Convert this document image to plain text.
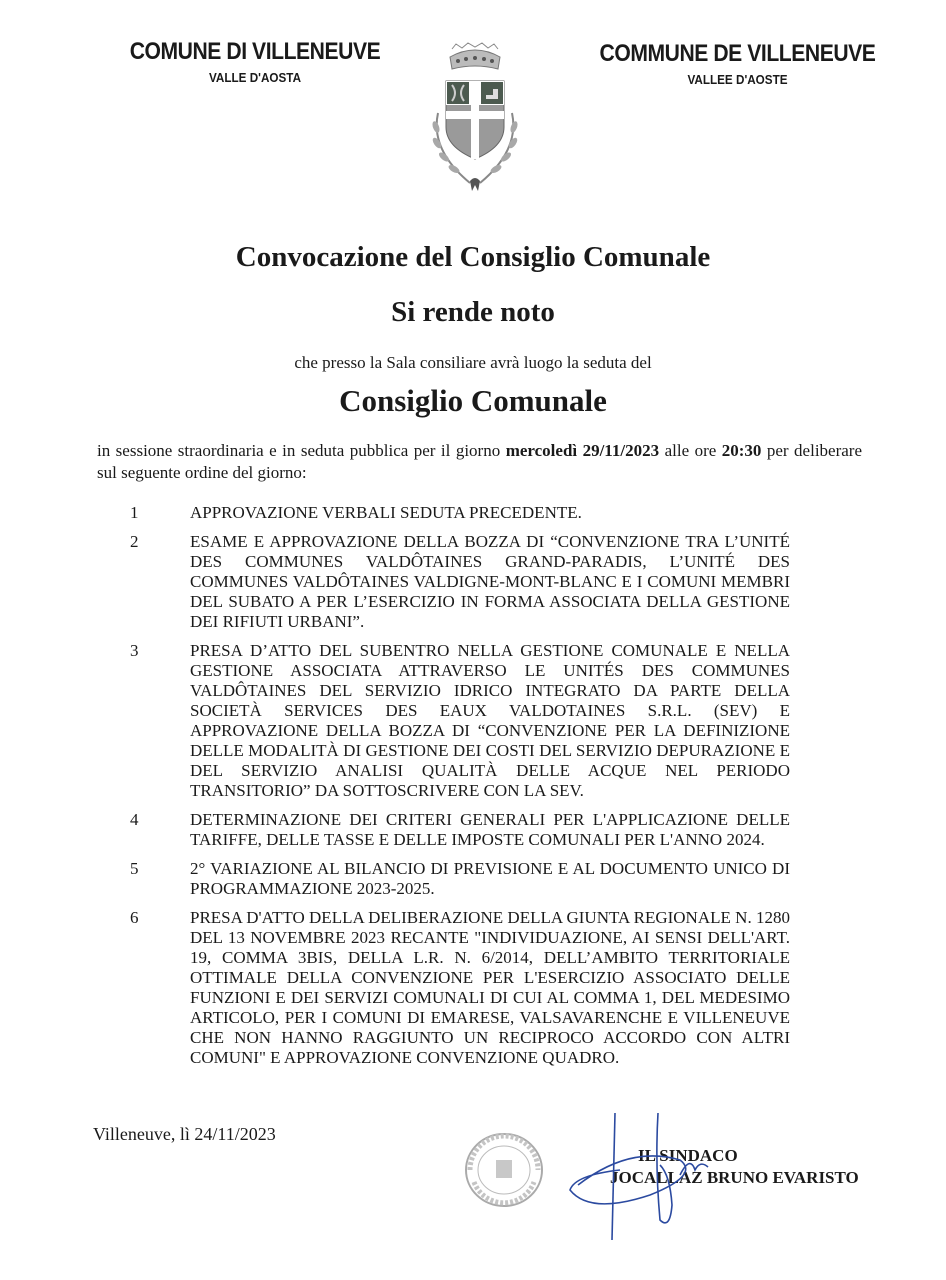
COMUNE DI VILLENEUVE
VALLE D'AOSTA
COMMUNE DE VILLENEUVE
VALLEE D'AOSTE
Convocazione del Consiglio Comunale
Si rende noto
che presso la Sala consiliare avrà luogo la seduta del
Consiglio Comunale
in sessione straordinaria e in seduta pubblica per il giorno mercoledì 29/11/2023 alle ore 20:30 per deliberare sul seguente ordine del giorno:
1	APPROVAZIONE VERBALI SEDUTA PRECEDENTE.
2	ESAME E APPROVAZIONE DELLA BOZZA DI “CONVENZIONE TRA L’UNITÉ DES COMMUNES VALDÔTAINES GRAND-PARADIS, L’UNITÉ DES COMMUNES VALDÔTAINES VALDIGNE-MONT-BLANC E I COMUNI MEMBRI DEL SUBATO A PER L’ESERCIZIO IN FORMA ASSOCIATA DELLA GESTIONE DEI RIFIUTI URBANI”.
3	PRESA D’ATTO DEL SUBENTRO NELLA GESTIONE COMUNALE E NELLA GESTIONE ASSOCIATA ATTRAVERSO LE UNITÉS DES COMMUNES VALDÔTAINES DEL SERVIZIO IDRICO INTEGRATO DA PARTE DELLA SOCIETÀ SERVICES DES EAUX VALDOTAINES S.R.L. (SEV) E APPROVAZIONE DELLA BOZZA DI “CONVENZIONE PER LA DEFINIZIONE DELLE MODALITÀ DI GESTIONE DEI COSTI DEL SERVIZIO DEPURAZIONE E DEL SERVIZIO ANALISI QUALITÀ DELLE ACQUE NEL PERIODO TRANSITORIO” DA SOTTOSCRIVERE CON LA SEV.
4	DETERMINAZIONE DEI CRITERI GENERALI PER L'APPLICAZIONE DELLE TARIFFE, DELLE TASSE E DELLE IMPOSTE COMUNALI PER L'ANNO 2024.
5	2° VARIAZIONE AL BILANCIO DI PREVISIONE E AL DOCUMENTO UNICO DI PROGRAMMAZIONE 2023-2025.
6	PRESA D'ATTO DELLA DELIBERAZIONE DELLA GIUNTA REGIONALE N. 1280 DEL 13 NOVEMBRE 2023 RECANTE "INDIVIDUAZIONE, AI SENSI DELL'ART. 19, COMMA 3BIS, DELLA L.R. N. 6/2014, DELL’AMBITO TERRITORIALE OTTIMALE DELLA CONVENZIONE PER L'ESERCIZIO ASSOCIATO DELLE FUNZIONI E DEI SERVIZI COMUNALI DI CUI AL COMMA 1, DEL MEDESIMO ARTICOLO, PER I COMUNI DI EMARESE, VALSAVARENCHE E VILLENEUVE CHE NON HANNO RAGGIUNTO UN RECIPROCO ACCORDO CON ALTRI COMUNI" E APPROVAZIONE CONVENZIONE QUADRO.
Villeneuve, lì 24/11/2023
IL SINDACO
JOCALLAZ BRUNO EVARISTO
